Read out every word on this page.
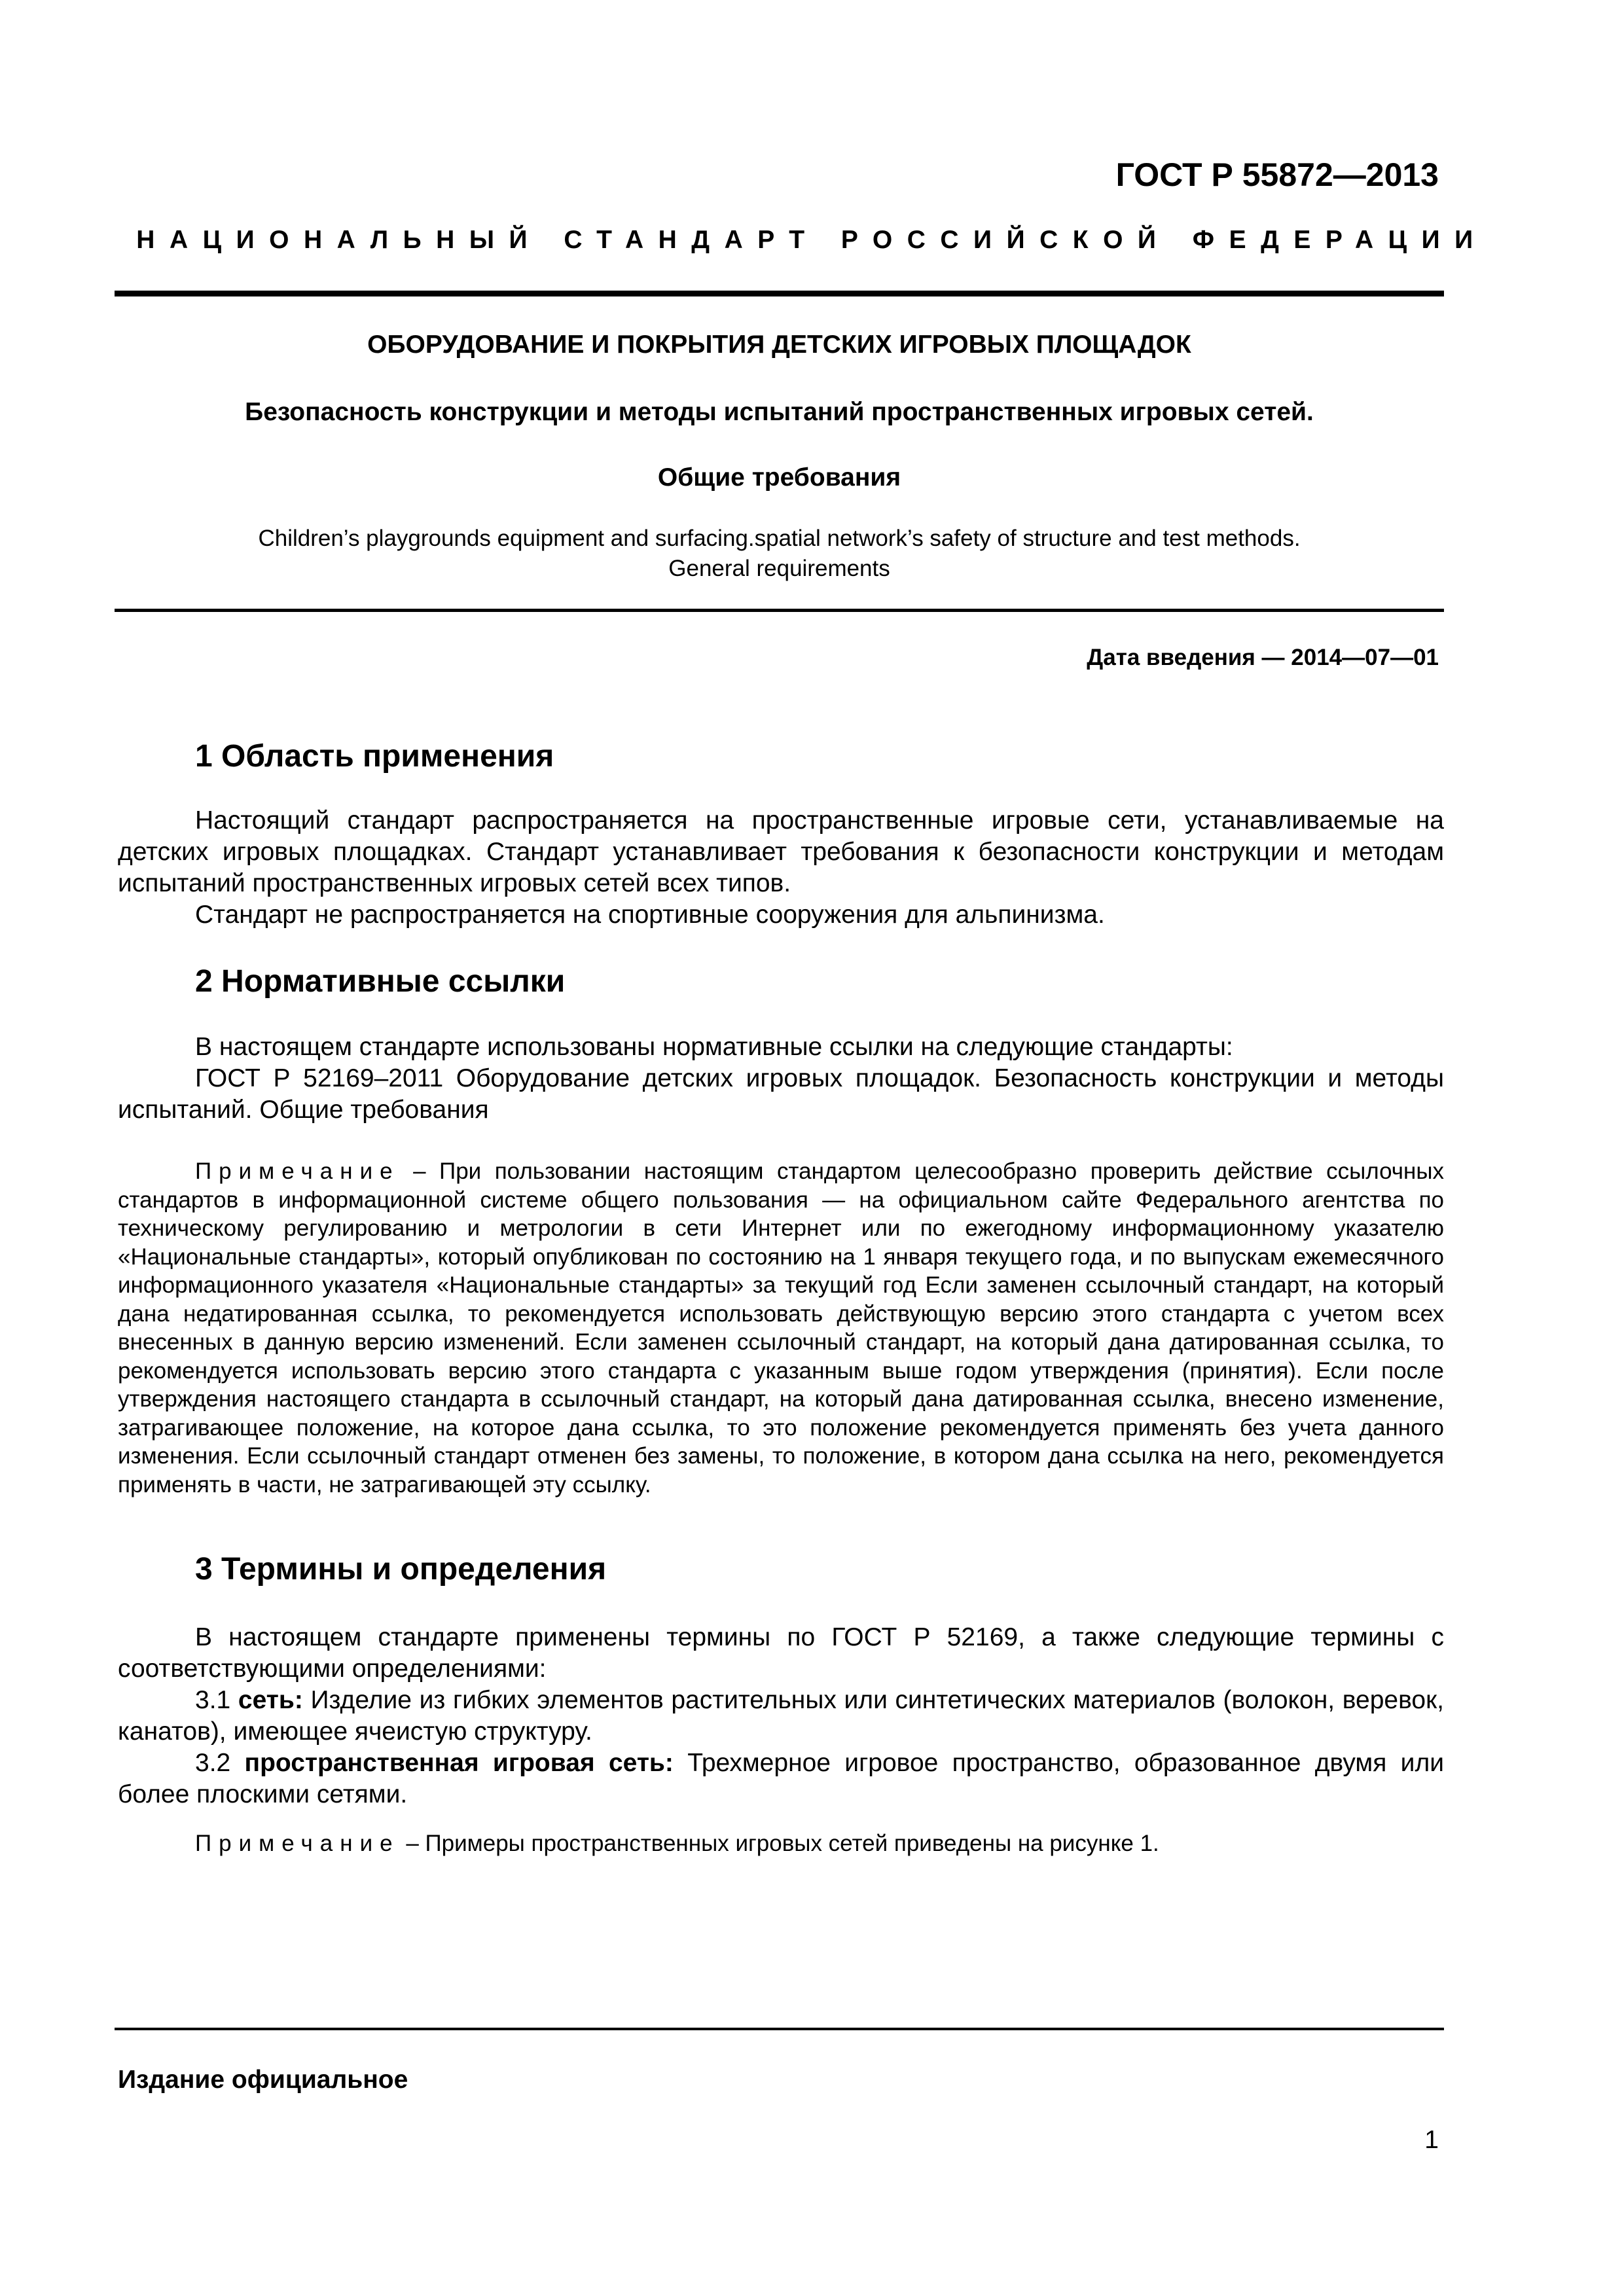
ГОСТ Р 55872—2013
НАЦИОНАЛЬНЫЙ СТАНДАРТ РОССИЙСКОЙ ФЕДЕРАЦИИ
ОБОРУДОВАНИЕ И ПОКРЫТИЯ ДЕТСКИХ ИГРОВЫХ ПЛОЩАДОК
Безопасность конструкции и методы испытаний пространственных игровых сетей.
Общие требования
Children’s playgrounds equipment and surfacing.spatial network’s safety of structure and test methods.
General requirements
Дата введения — 2014—07—01
1 Область применения
Настоящий стандарт распространяется на пространственные игровые сети, устанавливаемые на детских игровых площадках. Стандарт устанавливает требования к безопасности конструкции и методам испытаний пространственных игровых сетей всех типов.
Стандарт не распространяется на спортивные сооружения для альпинизма.
2 Нормативные ссылки
В настоящем стандарте использованы нормативные ссылки на следующие стандарты:
ГОСТ Р 52169–2011 Оборудование детских игровых площадок. Безопасность конструкции и методы испытаний. Общие требования
Примечание – При пользовании настоящим стандартом целесообразно проверить действие ссылочных стандартов в информационной системе общего пользования — на официальном сайте Федерального агентства по техническому регулированию и метрологии в сети Интернет или по ежегодному информационному указателю «Национальные стандарты», который опубликован по состоянию на 1 января текущего года, и по выпускам ежемесячного информационного указателя «Национальные стандарты» за текущий год Если заменен ссылочный стандарт, на который дана недатированная ссылка, то рекомендуется использовать действующую версию этого стандарта с учетом всех внесенных в данную версию изменений. Если заменен ссылочный стандарт, на который дана датированная ссылка, то рекомендуется использовать версию этого стандарта с указанным выше годом утверждения (принятия). Если после утверждения настоящего стандарта в ссылочный стандарт, на который дана датированная ссылка, внесено изменение, затрагивающее положение, на которое дана ссылка, то это положение рекомендуется применять без учета данного изменения. Если ссылочный стандарт отменен без замены, то положение, в котором дана ссылка на него, рекомендуется применять в части, не затрагивающей эту ссылку.
3 Термины и определения
В настоящем стандарте применены термины по ГОСТ Р 52169, а также следующие термины с соответствующими определениями:
3.1 сеть: Изделие из гибких элементов растительных или синтетических материалов (волокон, веревок, канатов), имеющее ячеистую структуру.
3.2 пространственная игровая сеть: Трехмерное игровое пространство, образованное двумя или более плоскими сетями.
Примечание – Примеры пространственных игровых сетей приведены на рисунке 1.
Издание официальное
1
